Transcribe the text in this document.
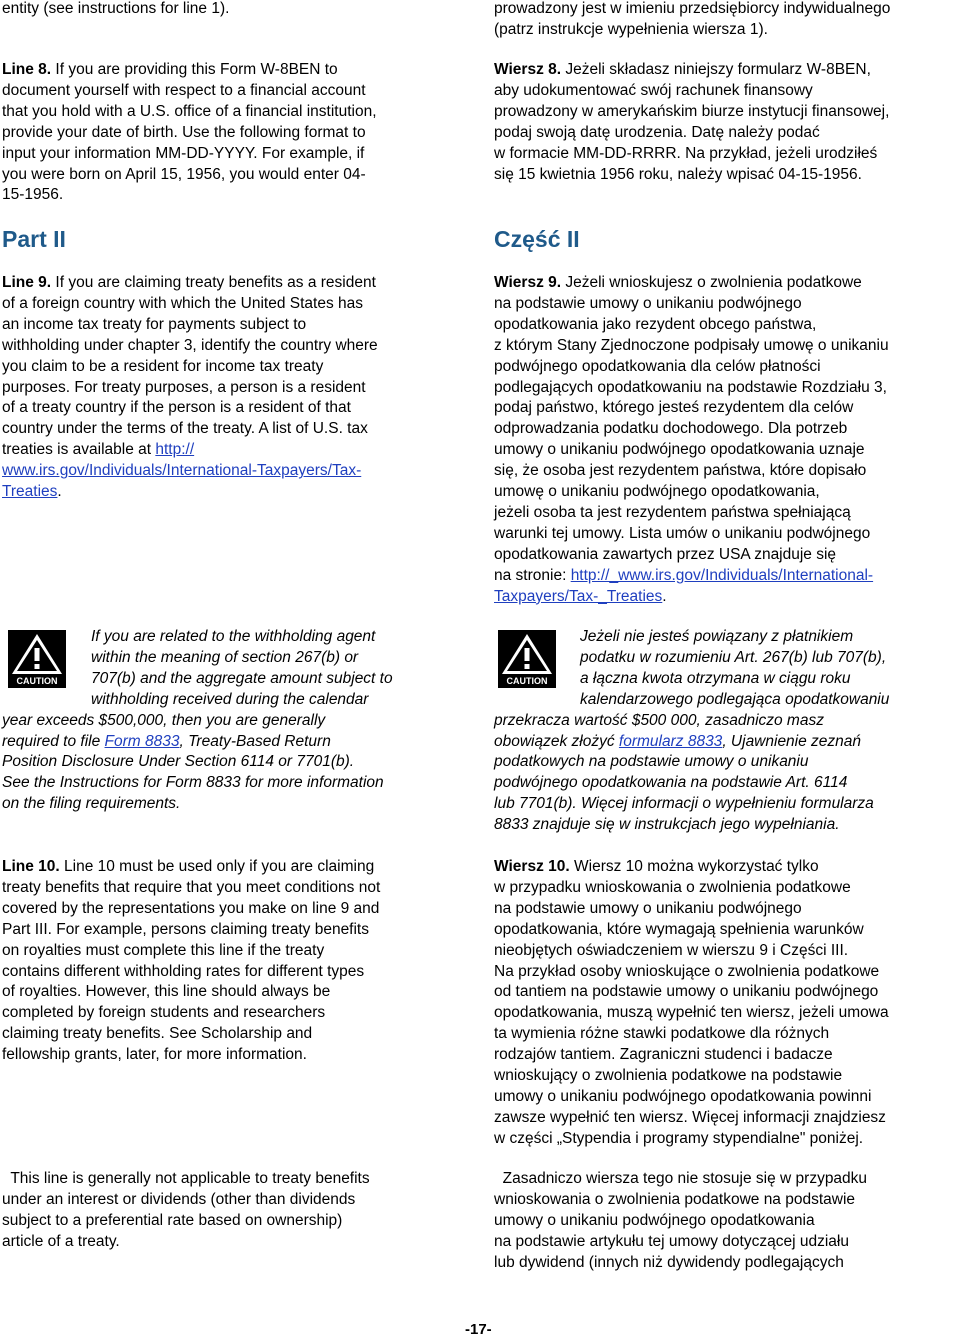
entity (see instructions for line 1).
Line 8. If you are providing this Form W-8BEN to
document yourself with respect to a financial account
that you hold with a U.S. office of a financial institution,
provide your date of birth. Use the following format to
input your information MM-DD-YYYY. For example, if
you were born on April 15, 1956, you would enter 04-
15-1956.
Part II
Line 9. If you are claiming treaty benefits as a resident
of a foreign country with which the United States has
an income tax treaty for payments subject to
withholding under chapter 3, identify the country where
you claim to be a resident for income tax treaty
purposes. For treaty purposes, a person is a resident
of a treaty country if the person is a resident of that
country under the terms of the treaty. A list of U.S. tax
treaties is available at http://
www.irs.gov/Individuals/International-Taxpayers/Tax-
Treaties.
CAUTION
If you are related to the withholding agent
within the meaning of section 267(b) or
707(b) and the aggregate amount subject to
withholding received during the calendar
year exceeds $500,000, then you are generally
required to file Form 8833, Treaty-Based Return
Position Disclosure Under Section 6114 or 7701(b).
See the Instructions for Form 8833 for more information
on the filing requirements.
Line 10. Line 10 must be used only if you are claiming
treaty benefits that require that you meet conditions not
covered by the representations you make on line 9 and
Part III. For example, persons claiming treaty benefits
on royalties must complete this line if the treaty
contains different withholding rates for different types
of royalties. However, this line should always be
completed by foreign students and researchers
claiming treaty benefits. See Scholarship and
fellowship grants, later, for more information.
This line is generally not applicable to treaty benefits
under an interest or dividends (other than dividends
subject to a preferential rate based on ownership)
article of a treaty.
prowadzony jest w imieniu przedsiębiorcy indywidualnego
(patrz instrukcje wypełnienia wiersza 1).
Wiersz 8. Jeżeli składasz niniejszy formularz W-8BEN,
aby udokumentować swój rachunek finansowy
prowadzony w amerykańskim biurze instytucji finansowej,
podaj swoją datę urodzenia. Datę należy podać
w formacie MM-DD-RRRR. Na przykład, jeżeli urodziłeś
się 15 kwietnia 1956 roku, należy wpisać 04-15-1956.
Część II
Wiersz 9. Jeżeli wnioskujesz o zwolnienia podatkowe
na podstawie umowy o unikaniu podwójnego
opodatkowania jako rezydent obcego państwa,
z którym Stany Zjednoczone podpisały umowę o unikaniu
podwójnego opodatkowania dla celów płatności
podlegających opodatkowaniu na podstawie Rozdziału 3,
podaj państwo, którego jesteś rezydentem dla celów
odprowadzania podatku dochodowego. Dla potrzeb
umowy o unikaniu podwójnego opodatkowania uznaje
się, że osoba jest rezydentem państwa, które dopisało
umowę o unikaniu podwójnego opodatkowania,
jeżeli osoba ta jest rezydentem państwa spełniającą
warunki tej umowy. Lista umów o unikaniu podwójnego
opodatkowania zawartych przez USA znajduje się
na stronie: http://_www.irs.gov/Individuals/International-
Taxpayers/Tax-_Treaties.
CAUTION
Jeżeli nie jesteś powiązany z płatnikiem
podatku w rozumieniu Art. 267(b) lub 707(b),
a łączna kwota otrzymana w ciągu roku
kalendarzowego podlegająca opodatkowaniu
przekracza wartość $500 000, zasadniczo masz
obowiązek złożyć formularz 8833, Ujawnienie zeznań
podatkowych na podstawie umowy o unikaniu
podwójnego opodatkowania na podstawie Art. 6114
lub 7701(b). Więcej informacji o wypełnieniu formularza
8833 znajduje się w instrukcjach jego wypełniania.
Wiersz 10. Wiersz 10 można wykorzystać tylko
w przypadku wnioskowania o zwolnienia podatkowe
na podstawie umowy o unikaniu podwójnego
opodatkowania, które wymagają spełnienia warunków
nieobjętych oświadczeniem w wierszu 9 i Części III.
Na przykład osoby wnioskujące o zwolnienia podatkowe
od tantiem na podstawie umowy o unikaniu podwójnego
opodatkowania, muszą wypełnić ten wiersz, jeżeli umowa
ta wymienia różne stawki podatkowe dla różnych
rodzajów tantiem. Zagraniczni studenci i badacze
wnioskujący o zwolnienia podatkowe na podstawie
umowy o unikaniu podwójnego opodatkowania powinni
zawsze wypełnić ten wiersz. Więcej informacji znajdziesz
w części „Stypendia i programy stypendialne" poniżej.
Zasadniczo wiersza tego nie stosuje się w przypadku
wnioskowania o zwolnienia podatkowe na podstawie
umowy o unikaniu podwójnego opodatkowania
na podstawie artykułu tej umowy dotyczącej udziału
lub dywidend (innych niż dywidendy podlegających
-17-
